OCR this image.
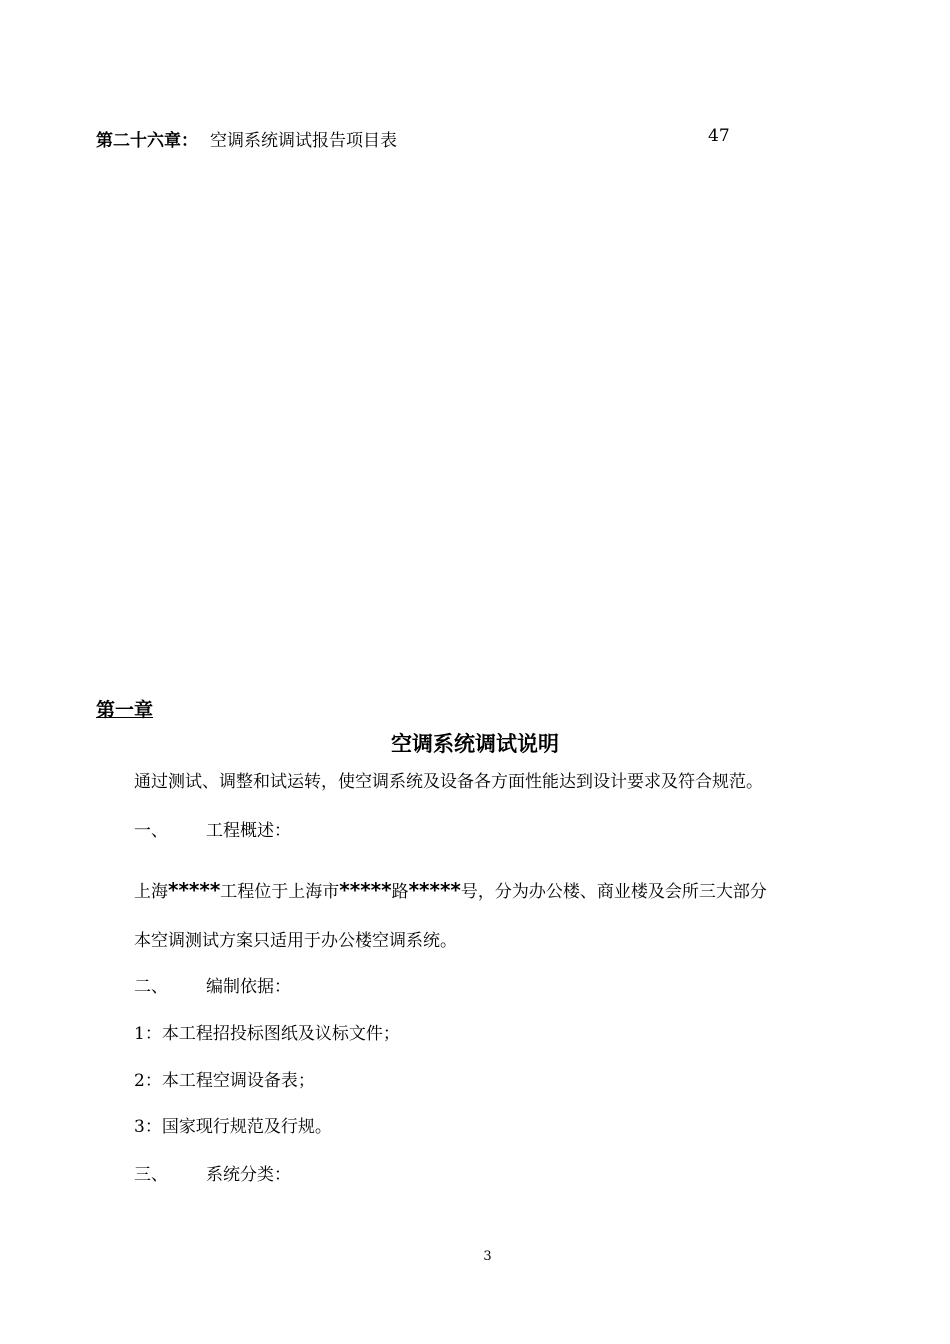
第二十六章： 空调系统调试报告项目表	47
第一章
空调系统调试说明
通过测试、调整和试运转，使空调系统及设备各方面性能达到设计要求及符合规范。
一、 工程概述：
上海*****工程位于上海市*****路*****号，分为办公楼、商业楼及会所三大部分
本空调测试方案只适用于办公楼空调系统。
二、 编制依据：
1：本工程招投标图纸及议标文件；
2：本工程空调设备表；
3：国家现行规范及行规。
三、 系统分类：
3
